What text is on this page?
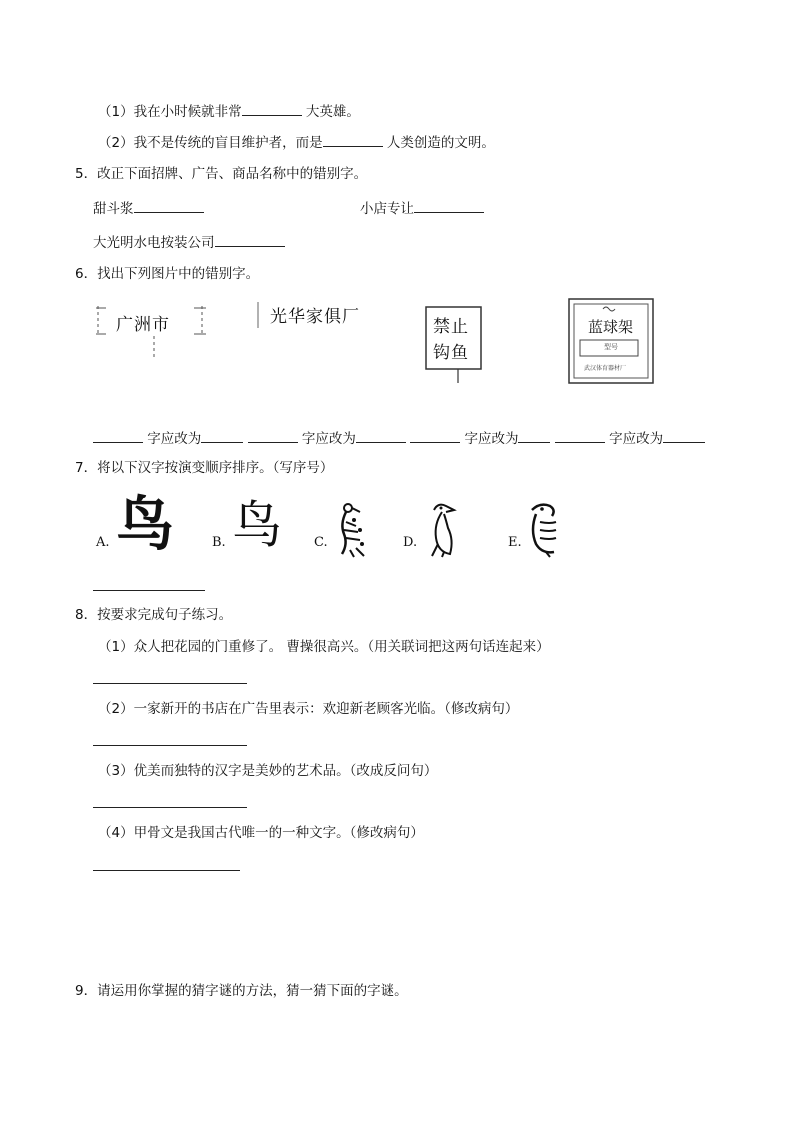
（1）我在小时候就非常	大英雄。
（2）我不是传统的盲目维护者，而是	人类创造的文明。
5．改正下面招牌、广告、商品名称中的错别字。
甜斗浆	小店专让
大光明水电按装公司
6．找出下列图片中的错别字。
广洲市	光华家俱厂	禁止
钩鱼
蓝球架
型号
武汉体育器材厂
字应改为	字应改为	字应改为	字应改为
7．将以下汉字按演变顺序排序。（写序号）
A. 鸟	B. 鸟 C.	D.	E.
8．按要求完成句子练习。
（1）众人把花园的门重修了。 曹操很高兴。（用关联词把这两句话连起来）
（2）一家新开的书店在广告里表示：欢迎新老顾客光临。（修改病句）
（3）优美而独特的汉字是美妙的艺术品。（改成反问句）
（4）甲骨文是我国古代唯一的一种文字。（修改病句）
9．请运用你掌握的猜字谜的方法，猜一猜下面的字谜。
